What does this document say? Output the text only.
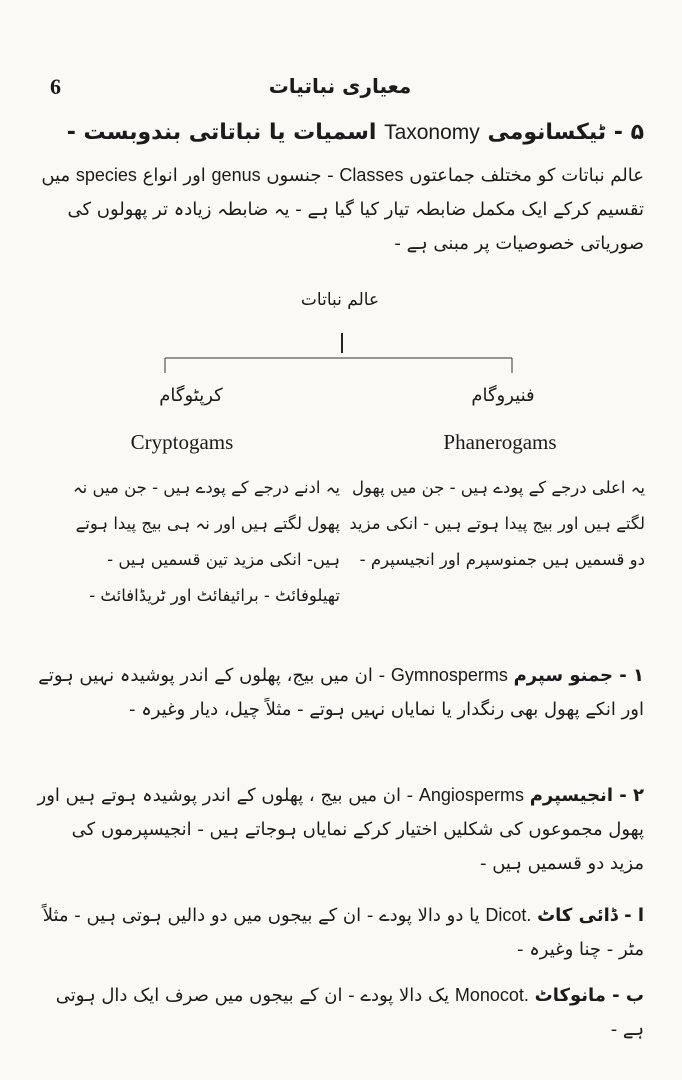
6	معیاری نباتیات
۵ - ٹیکسانومی Taxonomy اسمیات یا نباتاتی بندوبست -
عالم نباتات کو مختلف جماعتوں Classes - جنسوں genus اور انواع species میں تقسیم کرکے ایک مکمل ضابطہ تیار کیا گیا ہے - یہ ضابطہ زیادہ تر پھولوں کی صوریاتی خصوصیات پر مبنی ہے -
عالم نباتات
کرپٹوگام	فنیروگام
Cryptogams	Phanerogams
یہ ادنے درجے کے پودے ہیں - جن میں نہ پھول لگتے ہیں اور نہ ہی بیج پیدا ہوتے ہیں- انکی مزید تین قسمیں ہیں - تھیلوفائٹ - برائیفائٹ اور ٹریڈافائٹ -
یہ اعلی درجے کے پودے ہیں - جن میں پھول لگتے ہیں اور بیج پیدا ہوتے ہیں - انکی مزید دو قسمیں ہیں جمنوسپرم اور انجیسپرم -
۱ - جمنو سپرم Gymnosperms - ان میں بیج، پھلوں کے اندر پوشیدہ نہیں ہوتے اور انکے پھول بھی رنگدار یا نمایاں نہیں ہوتے - مثلاً چیل، دیار وغیرہ -
۲ - انجیسپرم Angiosperms - ان میں بیج ، پھلوں کے اندر پوشیدہ ہوتے ہیں اور پھول مجموعوں کی شکلیں اختیار کرکے نمایاں ہوجاتے ہیں - انجیسپرموں کی مزید دو قسمیں ہیں -
ا - ڈائی کاٹ Dicot. یا دو دالا پودے - ان کے بیجوں میں دو دالیں ہوتی ہیں - مثلاً مٹر - چنا وغیرہ -
ب - مانوکاٹ Monocot. یک دالا پودے - ان کے بیجوں میں صرف ایک دال ہوتی ہے -
